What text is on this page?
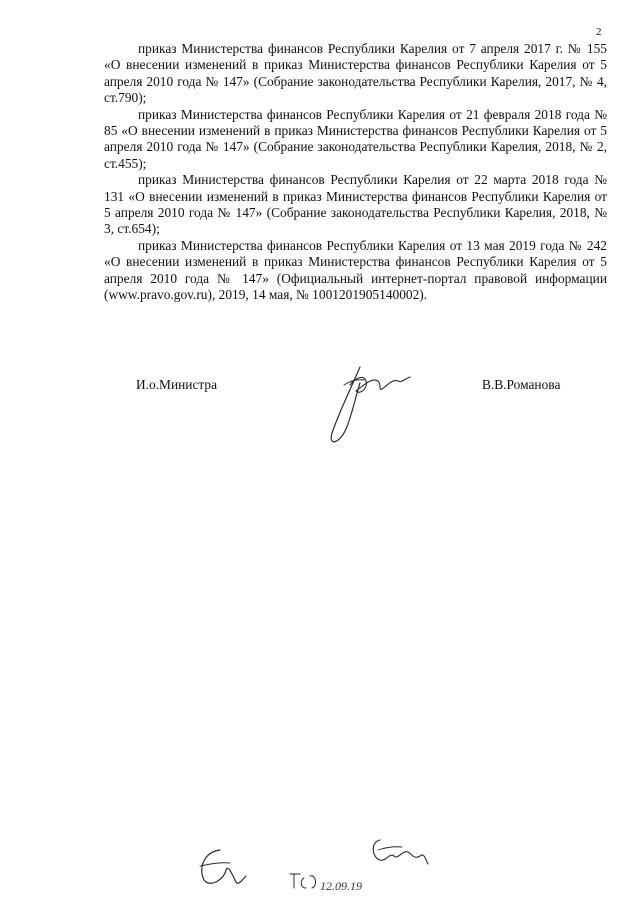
2

приказ Министерства финансов Республики Карелия от 7 апреля 2017 г. № 155 «О внесении изменений в приказ Министерства финансов Республики Карелия от 5 апреля 2010 года № 147» (Собрание законодательства Республики Карелия, 2017, № 4, ст.790);

приказ Министерства финансов Республики Карелия от 21 февраля 2018 года № 85 «О внесении изменений в приказ Министерства финансов Республики Карелия от 5 апреля 2010 года № 147» (Собрание законодательства Республики Карелия, 2018, № 2, ст.455);

приказ Министерства финансов Республики Карелия от 22 марта 2018 года № 131 «О внесении изменений в приказ Министерства финансов Республики Карелия от 5 апреля 2010 года № 147» (Собрание законодательства Республики Карелия, 2018, № 3, ст.654);

приказ Министерства финансов Республики Карелия от 13 мая 2019 года № 242 «О внесении изменений в приказ Министерства финансов Республики Карелия от 5 апреля 2010 года № 147» (Официальный интернет-портал правовой информации (www.pravo.gov.ru), 2019, 14 мая, № 1001201905140002).

И.о.Министра	В.В.Романова
12.09.19
